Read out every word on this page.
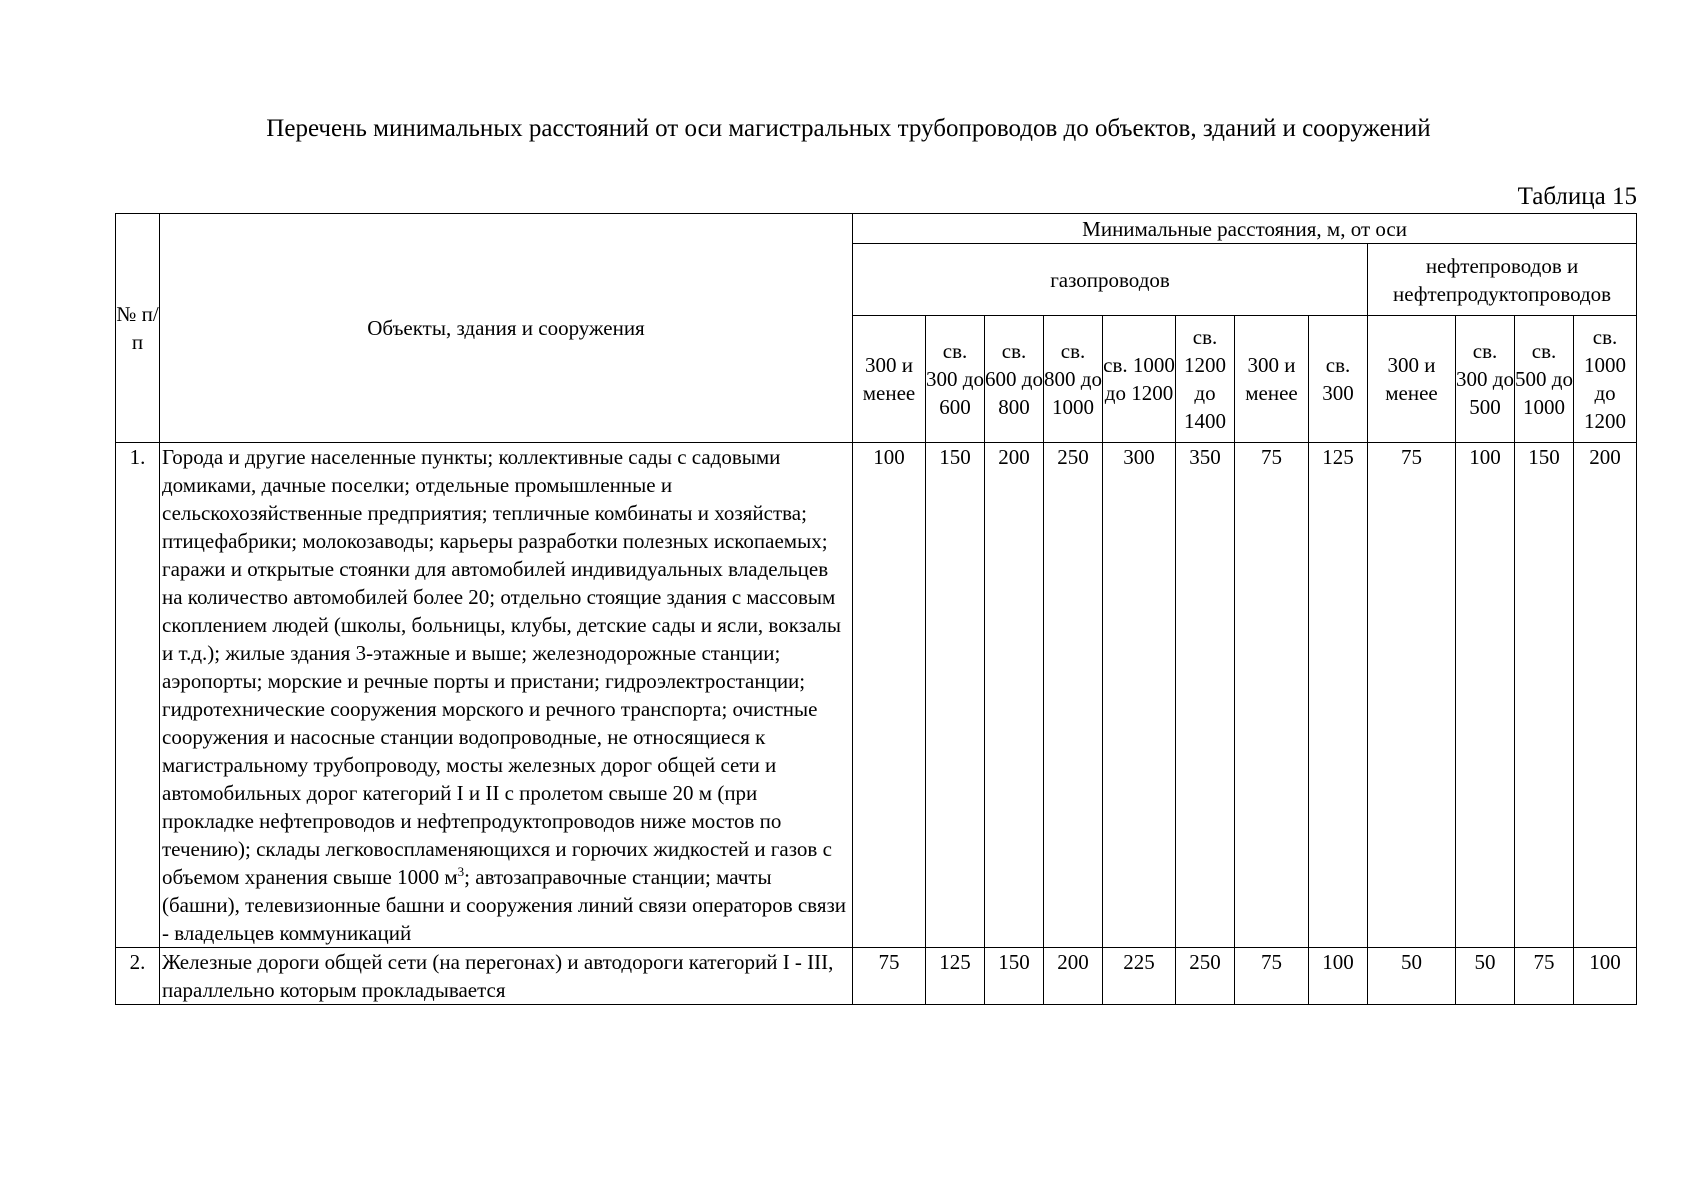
Перечень минимальных расстояний от оси магистральных трубопроводов до объектов, зданий и сооружений
Таблица 15
№ п/п	Объекты, здания и сооружения	Минимальные расстояния, м, от оси											
		газопроводов								нефтепроводов и нефтепродуктопроводов			
		300 и менее	св. 300 до 600	св. 600 до 800	св. 800 до 1000	св. 1000 до 1200	св. 1200 до 1400	300 и менее	св. 300	300 и менее	св. 300 до 500	св. 500 до 1000	св. 1000 до 1200
1.	Города и другие населенные пункты; коллективные сады с садовыми домиками, дачные поселки; отдельные промышленные и сельскохозяйственные предприятия; тепличные комбинаты и хозяйства; птицефабрики; молокозаводы; карьеры разработки полезных ископаемых; гаражи и открытые стоянки для автомобилей индивидуальных владельцев на количество автомобилей более 20; отдельно стоящие здания с массовым скоплением людей (школы, больницы, клубы, детские сады и ясли, вокзалы и т.д.); жилые здания 3-этажные и выше; железнодорожные станции; аэропорты; морские и речные порты и пристани; гидроэлектростанции; гидротехнические сооружения морского и речного транспорта; очистные сооружения и насосные станции водопроводные, не относящиеся к магистральному трубопроводу, мосты железных дорог общей сети и автомобильных дорог категорий I и II с пролетом свыше 20 м (при прокладке нефтепроводов и нефтепродуктопроводов ниже мостов по течению); склады легковоспламеняющихся и горючих жидкостей и газов с объемом хранения свыше 1000 $м^3$; автозаправочные станции; мачты (башни), телевизионные башни и сооружения линий связи операторов связи - владельцев коммуникаций	100	150	200	250	300	350	75	125	75	100	150	200
2.	Железные дороги общей сети (на перегонах) и автодороги категорий I - III, параллельно которым прокладывается	75	125	150	200	225	250	75	100	50	50	75	100
